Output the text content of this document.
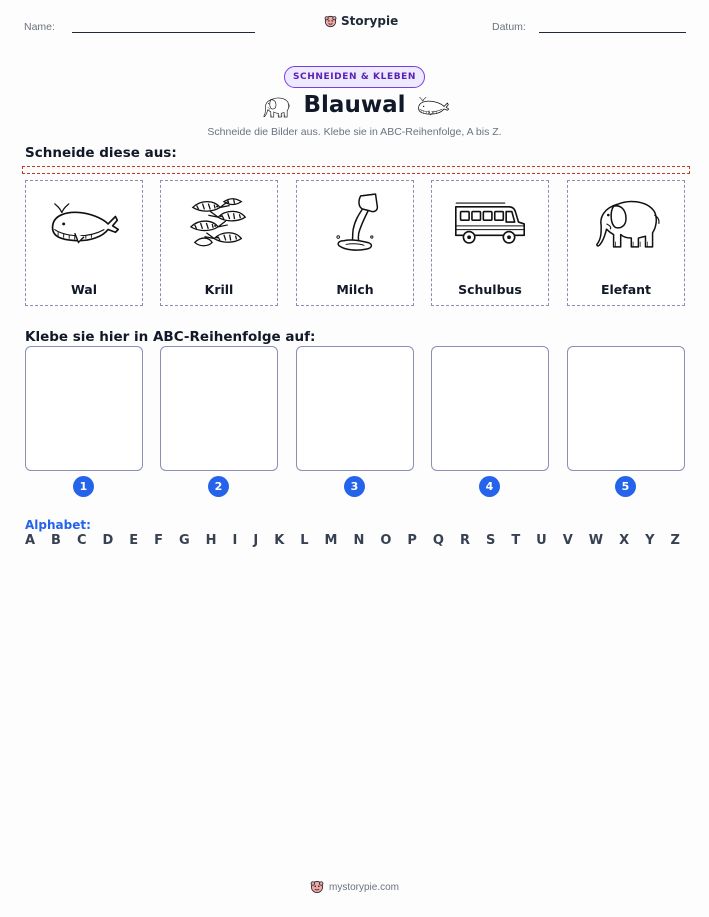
Name:	Storypie	Datum:
SCHNEIDEN & KLEBEN
Blauwal
Schneide die Bilder aus. Klebe sie in ABC-Reihenfolge, A bis Z.
Schneide diese aus:
Wal	Krill	Milch	Schulbus	Elefant
Klebe sie hier in ABC-Reihenfolge auf:
1	2	3	4	5
Alphabet:
A B C D E F G H I J K L M N O P Q R S T U V W X Y Z
mystorypie.com
